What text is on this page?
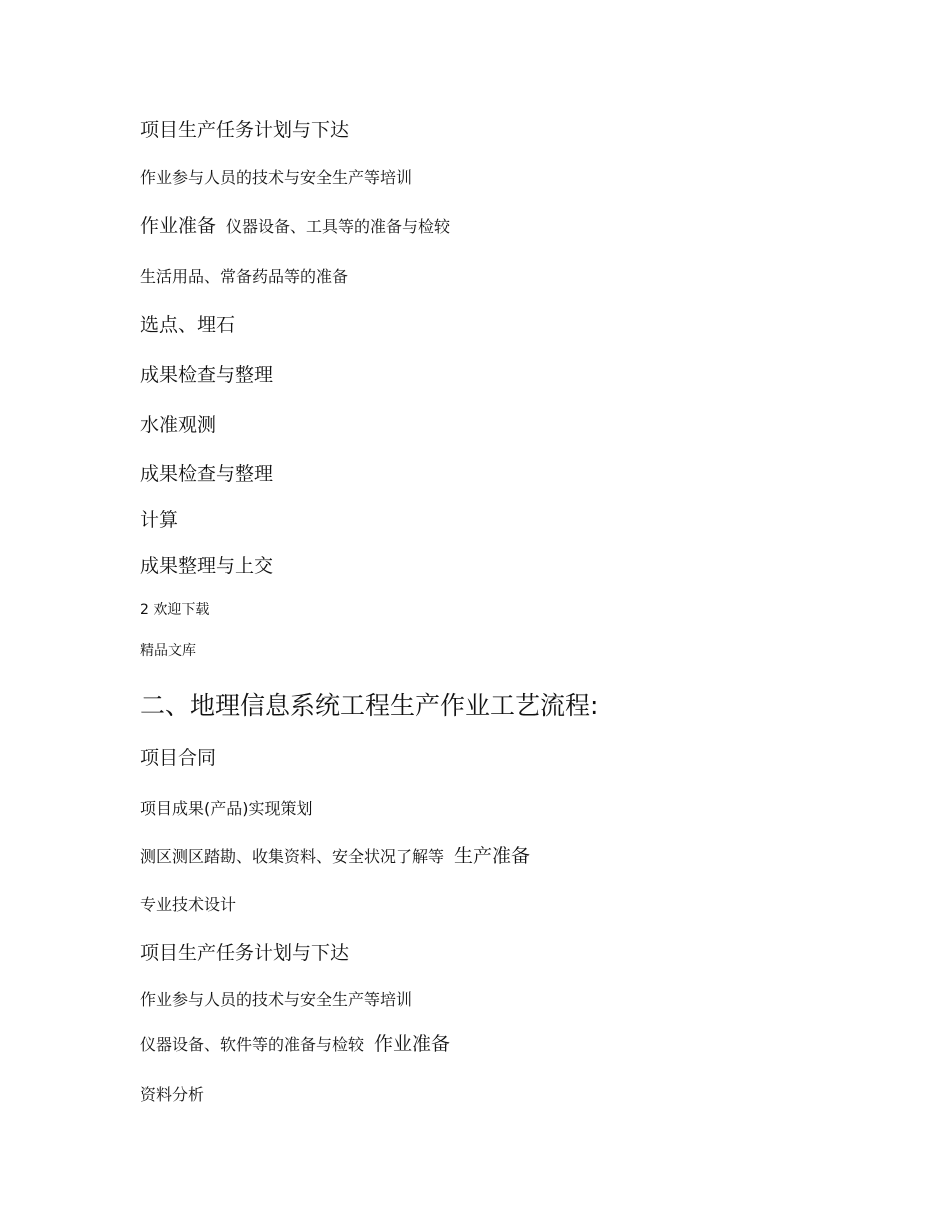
项目生产任务计划与下达
作业参与人员的技术与安全生产等培训
作业准备 仪器设备、工具等的准备与检较
生活用品、常备药品等的准备
选点、埋石
成果检查与整理
水准观测
成果检查与整理
计算
成果整理与上交
2 欢迎下载
精品文库
二、地理信息系统工程生产作业工艺流程:
项目合同
项目成果(产品)实现策划
测区测区踏勘、收集资料、安全状况了解等 生产准备
专业技术设计
项目生产任务计划与下达
作业参与人员的技术与安全生产等培训
仪器设备、软件等的准备与检较 作业准备
资料分析
